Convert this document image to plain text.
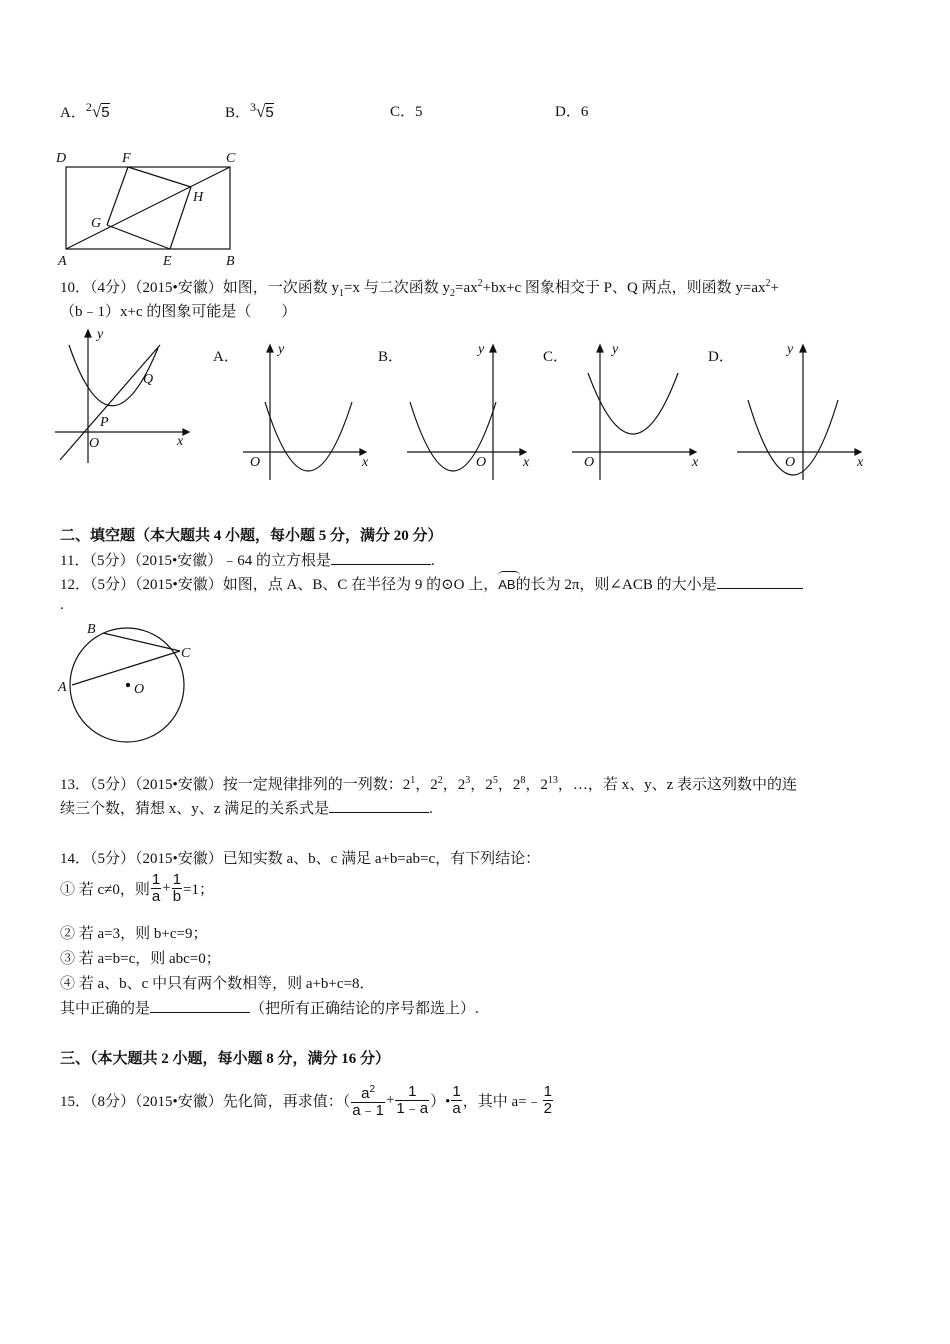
A．$^2$√5	B．$^3$√5	C．5	D．6
D	F	C
G
H
A	E	B
10．（4分）（2015•安徽）如图，一次函数 $y_1=x$ 与二次函数 $y_2=ax^2+bx+c$ 图象相交于 P、Q 两点，则函数 $y=ax^2+$
（b﹣1）x+c 的图象可能是（　　）
y
x
O
P
Q
A．	y
x
O
B．	y
x
O
C．	y
x
O
D．	y
x
O
二、填空题（本大题共 4 小题，每小题 5 分，满分 20 分）
11．（5分）（2015•安徽）﹣64 的立方根是	.
12．（5分）（2015•安徽）如图，点 A、B、C 在半径为 9 的⊙O 上，
AB的长为 2π，则∠ACB 的大小是
.
B
C
A	O
13．（5分）（2015•安徽）按一定规律排列的一列数：$2^1$，$2^2$，$2^3$，$2^5$，$2^8$，$2^{13}$，…，若 x、y、z 表示这列数中的连
续三个数，猜想 x、y、z 满足的关系式是	.
14．（5分）（2015•安徽）已知实数 a、b、c 满足 a+b=ab=c，有下列结论：
① 若 c≠0，则 $\frac{1}{a} + \frac{1}{b} =1$；
② 若 a=3，则 b+c=9；
③ 若 a=b=c，则 abc=0；
④ 若 a、b、c 中只有两个数相等，则 a+b+c=8．
其中正确的是	（把所有正确结论的序号都选上）.
三、（本大题共 2 小题，每小题 8 分，满分 16 分）
15．（8分）（2015•安徽）先化简，再求值：（ $\frac{a^2}{a﹣1} + \frac{1}{1﹣a}$ ）• $\frac{1}{a}$ ，其中 a=﹣ $\frac{1}{2}$
